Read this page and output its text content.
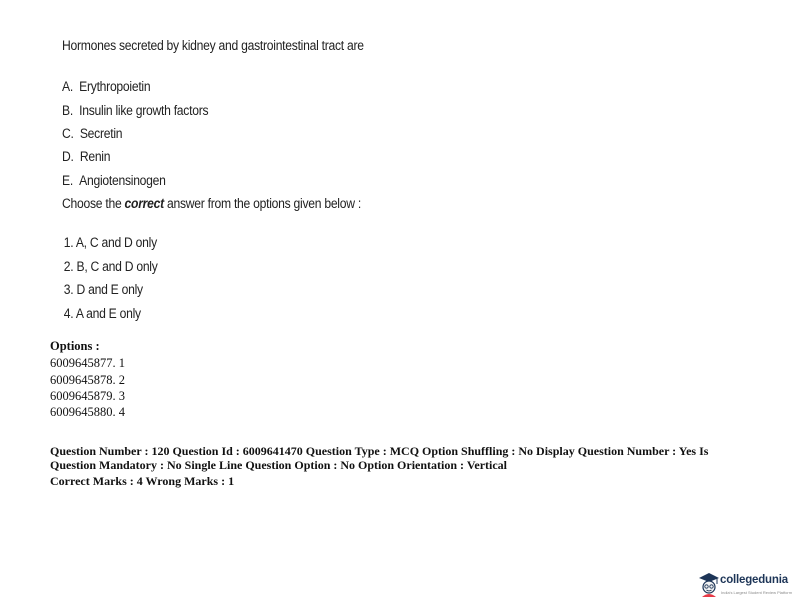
Hormones secreted by kidney and gastrointestinal tract are
A. Erythropoietin
B. Insulin like growth factors
C. Secretin
D. Renin
E. Angiotensinogen
Choose the correct answer from the options given below :
1. A, C and D only
2. B, C and D only
3. D and E only
4. A and E only
Options :
6009645877. 1
6009645878. 2
6009645879. 3
6009645880. 4
Question Number : 120 Question Id : 6009641470 Question Type : MCQ Option Shuffling : No Display Question Number : Yes Is
Question Mandatory : No Single Line Question Option : No Option Orientation : Vertical
Correct Marks : 4 Wrong Marks : 1
collegedunia
India's Largest Student Review Platform
